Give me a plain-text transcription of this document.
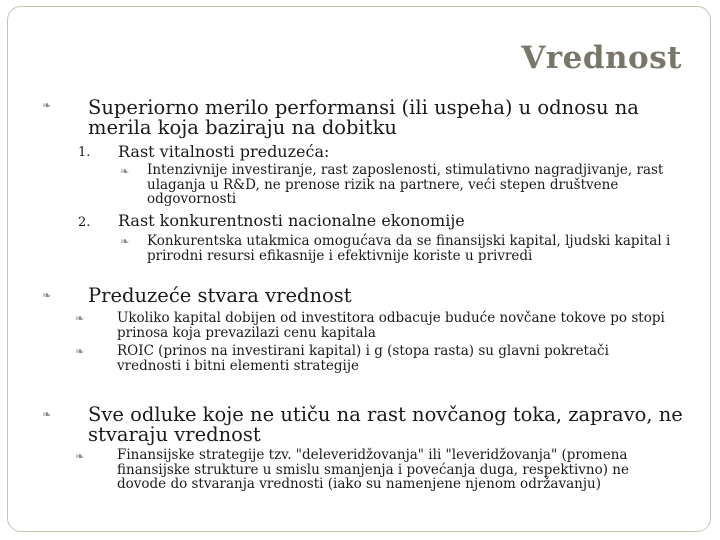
Vrednost
❧ Superiorno merilo performansi (ili uspeha) u odnosu na merila koja baziraju na dobitku
1. Rast vitalnosti preduzeća:
❧ Intenzivnije investiranje, rast zaposlenosti, stimulativno nagradjivanje, rast ulaganja u R&D, ne prenose rizik na partnere, veći stepen društvene odgovornosti
2. Rast konkurentnosti nacionalne ekonomije
❧ Konkurentska utakmica omogućava da se finansijski kapital, ljudski kapital i prirodni resursi efikasnije i efektivnije koriste u privredi
❧ Preduzeće stvara vrednost
❧ Ukoliko kapital dobijen od investitora odbacuje buduće novčane tokove po stopi prinosa koja prevazilazi cenu kapitala
❧ ROIC (prinos na investirani kapital) i g (stopa rasta) su glavni pokretači vrednosti i bitni elementi strategije
❧ Sve odluke koje ne utiču na rast novčanog toka, zapravo, ne stvaraju vrednost
❧ Finansijske strategije tzv. "deleveridžovanja" ili "leveridžovanja" (promena finansijske strukture u smislu smanjenja i povećanja duga, respektivno) ne dovode do stvaranja vrednosti (iako su namenjene njenom održavanju)
